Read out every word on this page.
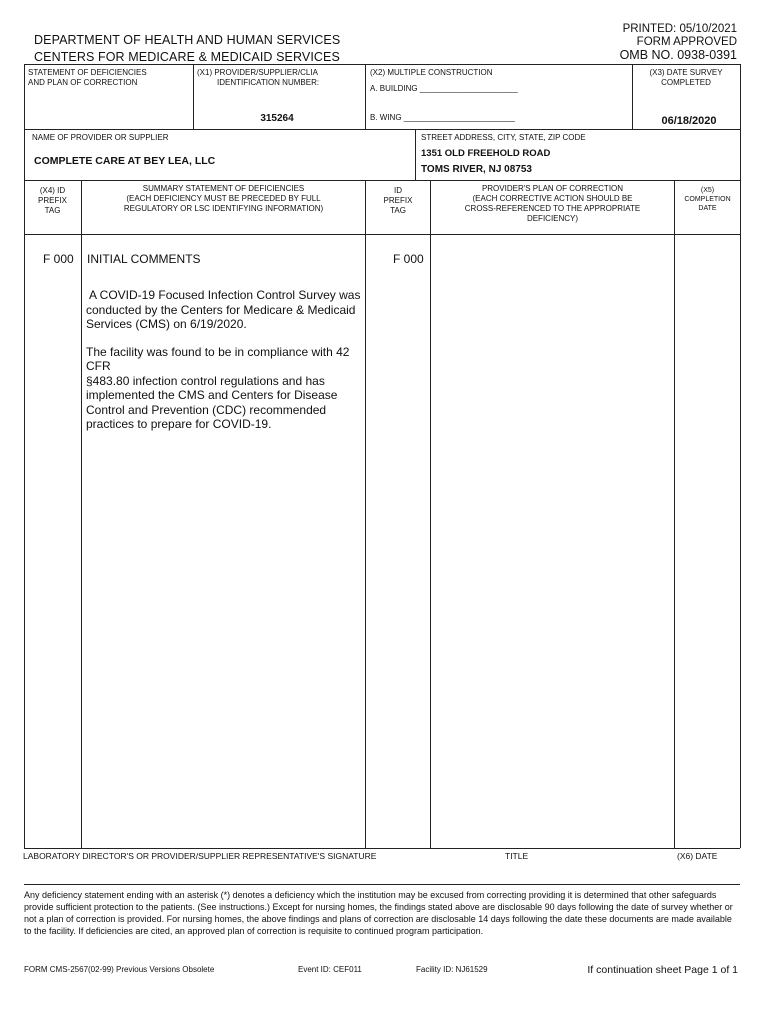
DEPARTMENT OF HEALTH AND HUMAN SERVICES
CENTERS FOR MEDICARE & MEDICAID SERVICES
PRINTED: 05/10/2021
FORM APPROVED
OMB NO. 0938-0391
STATEMENT OF DEFICIENCIES
AND PLAN OF CORRECTION
(X1) PROVIDER/SUPPLIER/CLIA
IDENTIFICATION NUMBER:
315264
(X2) MULTIPLE CONSTRUCTION
A. BUILDING ______________________
B. WING _________________________
(X3) DATE SURVEY
COMPLETED
06/18/2020
NAME OF PROVIDER OR SUPPLIER
COMPLETE CARE AT BEY LEA, LLC
STREET ADDRESS, CITY, STATE, ZIP CODE
1351 OLD FREEHOLD ROAD
TOMS RIVER, NJ 08753
(X4) ID
PREFIX
TAG
SUMMARY STATEMENT OF DEFICIENCIES
(EACH DEFICIENCY MUST BE PRECEDED BY FULL
REGULATORY OR LSC IDENTIFYING INFORMATION)
ID
PREFIX
TAG
PROVIDER'S PLAN OF CORRECTION
(EACH CORRECTIVE ACTION SHOULD BE
CROSS-REFERENCED TO THE APPROPRIATE
DEFICIENCY)
(X5)
COMPLETION
DATE
F 000 INITIAL COMMENTS	F 000

A COVID-19 Focused Infection Control Survey was conducted by the Centers for Medicare & Medicaid Services (CMS) on 6/19/2020.

The facility was found to be in compliance with 42 CFR
§483.80 infection control regulations and has implemented the CMS and Centers for Disease Control and Prevention (CDC) recommended practices to prepare for COVID-19.
LABORATORY DIRECTOR'S OR PROVIDER/SUPPLIER REPRESENTATIVE'S SIGNATURE	TITLE	(X6) DATE
Any deficiency statement ending with an asterisk (*) denotes a deficiency which the institution may be excused from correcting providing it is determined that other safeguards provide sufficient protection to the patients. (See instructions.) Except for nursing homes, the findings stated above are disclosable 90 days following the date of survey whether or not a plan of correction is provided. For nursing homes, the above findings and plans of correction are disclosable 14 days following the date these documents are made available to the facility. If deficiencies are cited, an approved plan of correction is requisite to continued program participation.
FORM CMS-2567(02-99) Previous Versions Obsolete	Event ID: CEF011	Facility ID: NJ61529	If continuation sheet Page 1 of 1
